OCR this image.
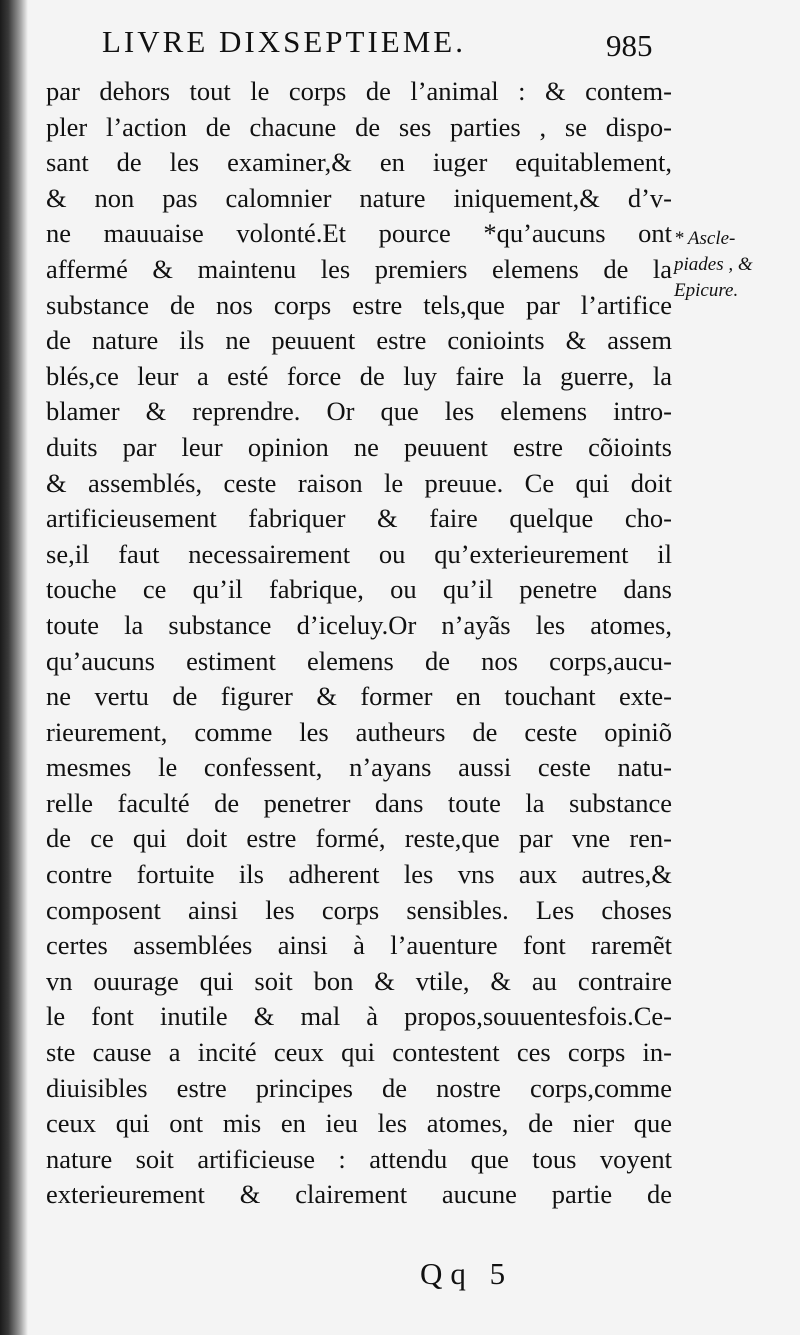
LIVRE DIXSEPTIEME.	985
par dehors tout le corps de l’animal : & contem-
pler l’action de chacune de ses parties , se dispo-
sant de les examiner,& en iuger equitablement,
& non pas calomnier nature iniquement,& d’v-
ne mauuaise volonté.Et pource *qu’aucuns ont
affermé & maintenu les premiers elemens de la
substance de nos corps estre tels,que par l’artifice
de nature ils ne peuuent estre conioints & assem
blés,ce leur a esté force de luy faire la guerre, la
blamer & reprendre. Or que les elemens intro-
duits par leur opinion ne peuuent estre cõioints
& assemblés, ceste raison le preuue. Ce qui doit
artificieusement fabriquer & faire quelque cho-
se,il faut necessairement ou qu’exterieurement il
touche ce qu’il fabrique, ou qu’il penetre dans
toute la substance d’iceluy.Or n’ayãs les atomes,
qu’aucuns estiment elemens de nos corps,aucu-
ne vertu de figurer & former en touchant exte-
rieurement, comme les autheurs de ceste opiniõ
mesmes le confessent, n’ayans aussi ceste natu-
relle faculté de penetrer dans toute la substance
de ce qui doit estre formé, reste,que par vne ren-
contre fortuite ils adherent les vns aux autres,&
composent ainsi les corps sensibles. Les choses
certes assemblées ainsi à l’auenture font raremẽt
vn ouurage qui soit bon & vtile, & au contraire
le font inutile & mal à propos,souuentesfois.Ce-
ste cause a incité ceux qui contestent ces corps in-
diuisibles estre principes de nostre corps,comme
ceux qui ont mis en ieu les atomes, de nier que
nature soit artificieuse : attendu que tous voyent
exterieurement & clairement aucune partie de
* Ascle-
piades , &
Epicure.
Qq 5
